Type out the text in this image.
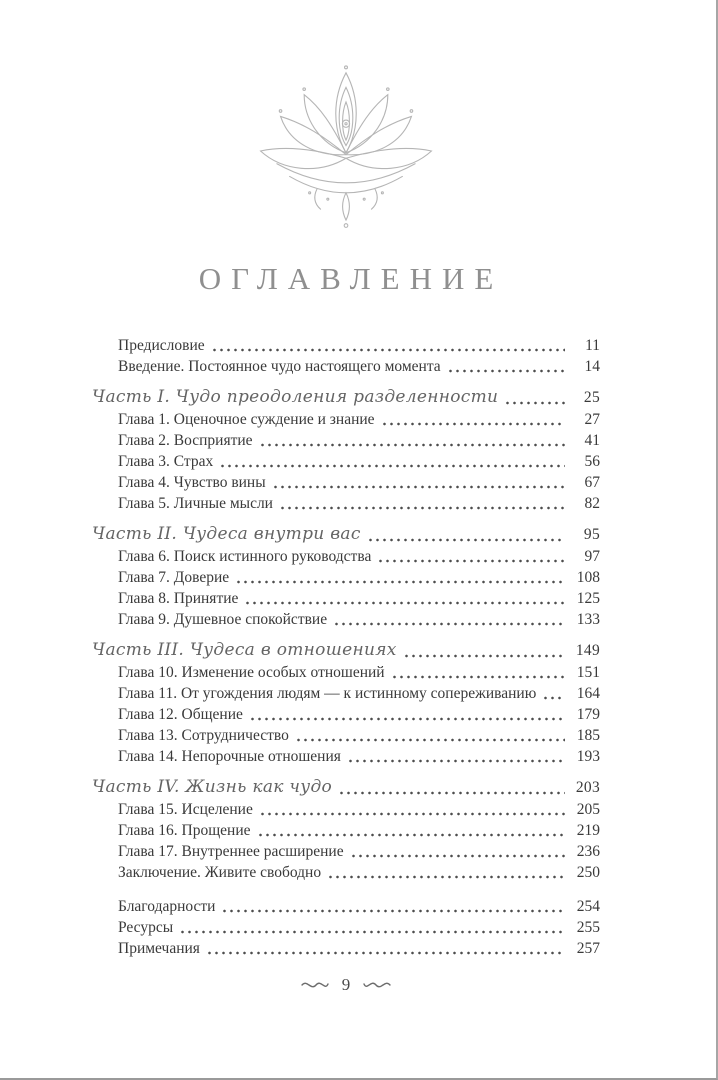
ОГЛАВЛЕНИЕ
Предисловие	11
Введение. Постоянное чудо настоящего момента	14
Часть I. Чудо преодоления разделенности	25
Глава 1. Оценочное суждение и знание	27
Глава 2. Восприятие	41
Глава 3. Страх	56
Глава 4. Чувство вины	67
Глава 5. Личные мысли	82
Часть II. Чудеса внутри вас	95
Глава 6. Поиск истинного руководства	97
Глава 7. Доверие	108
Глава 8. Принятие	125
Глава 9. Душевное спокойствие	133
Часть III. Чудеса в отношениях	149
Глава 10. Изменение особых отношений	151
Глава 11. От угождения людям — к истинному сопереживанию	164
Глава 12. Общение	179
Глава 13. Сотрудничество	185
Глава 14. Непорочные отношения	193
Часть IV. Жизнь как чудо	203
Глава 15. Исцеление	205
Глава 16. Прощение	219
Глава 17. Внутреннее расширение	236
Заключение. Живите свободно	250
Благодарности	254
Ресурсы	255
Примечания	257
9
